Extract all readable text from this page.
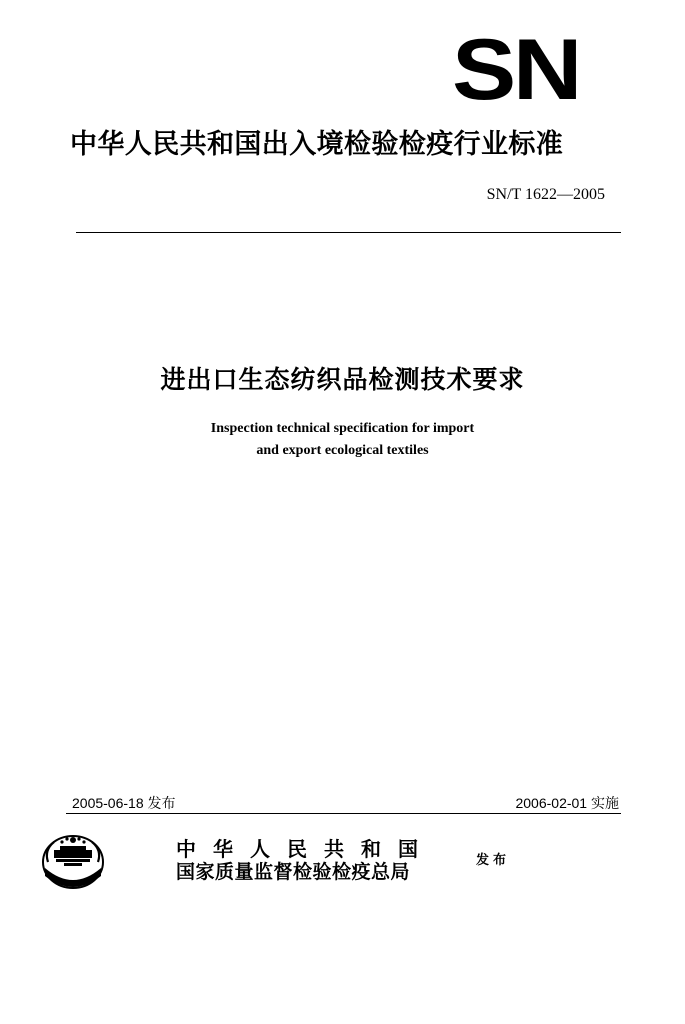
SN
中华人民共和国出入境检验检疫行业标准
SN/T 1622—2005
进出口生态纺织品检测技术要求
Inspection technical specification for import
and export ecological textiles
2005-06-18 发布	2006-02-01 实施
中华人民共和国
国家质量监督检验检疫总局
发布
